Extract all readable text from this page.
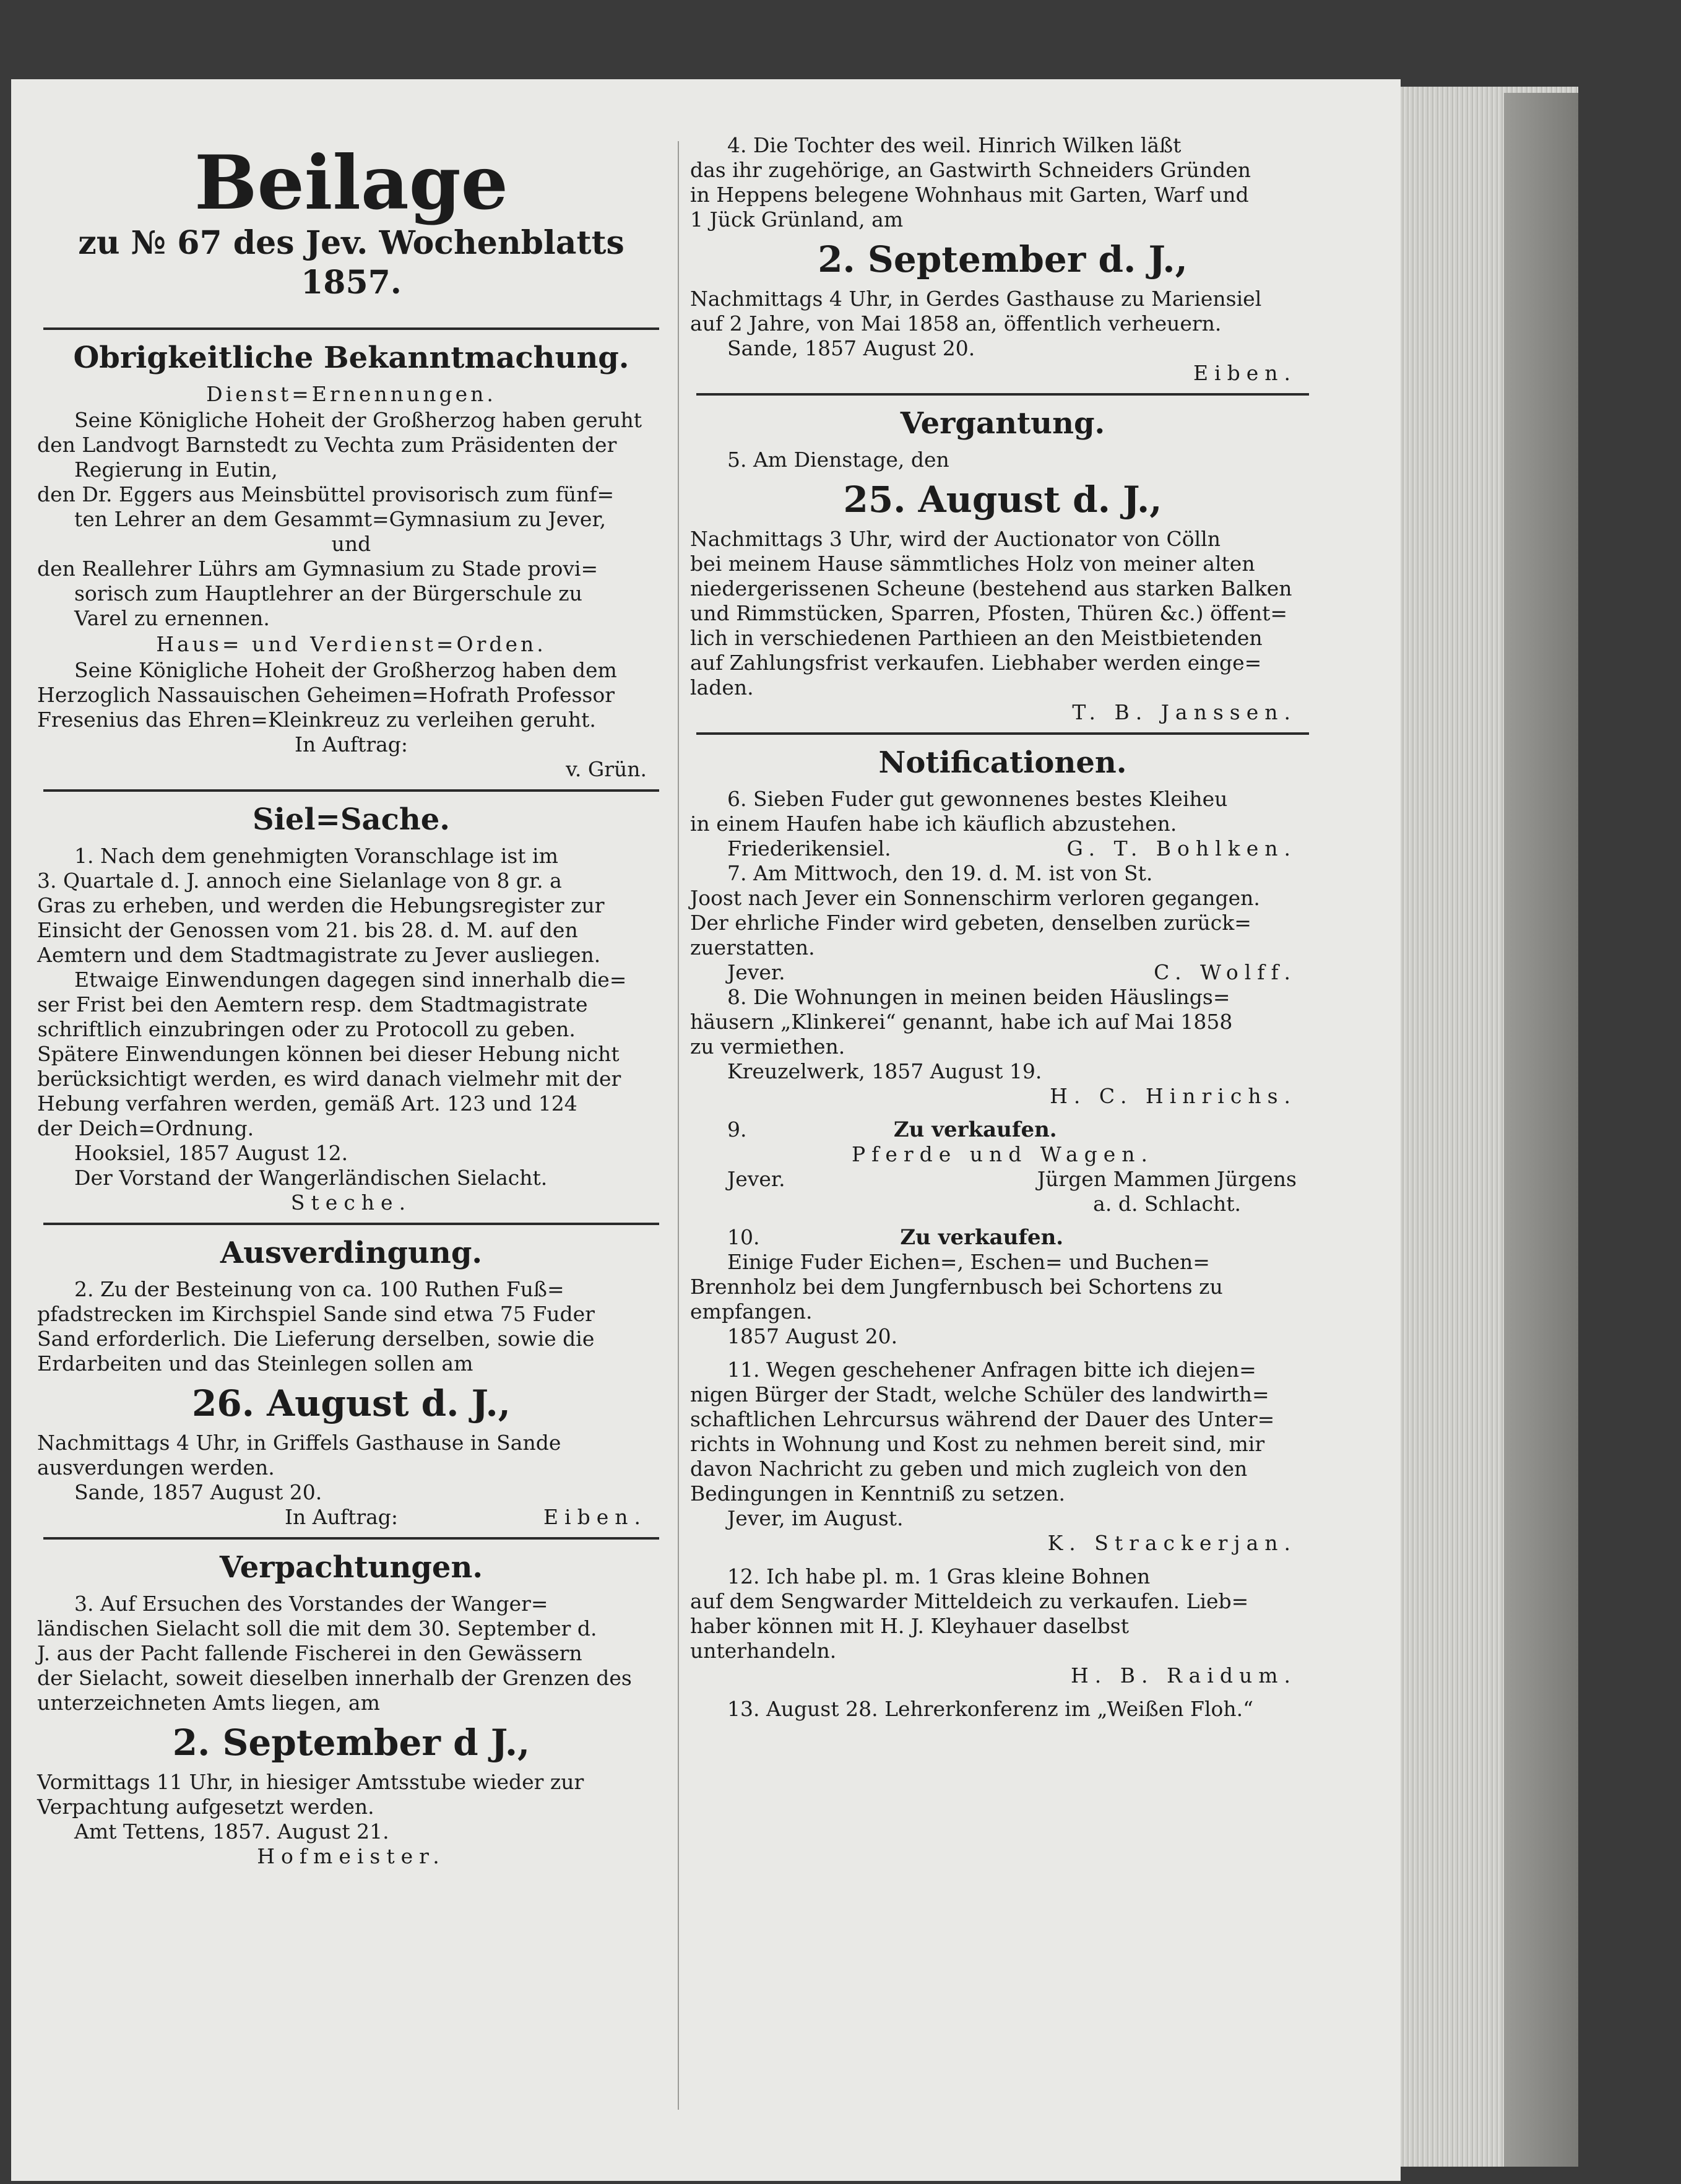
Beilage
zu № 67 des Jev. Wochenblatts 1857.
Obrigkeitliche Bekanntmachung.
Dienst=Ernennungen.

Seine Königliche Hoheit der Großherzog haben geruht

den Landvogt Barnstedt zu Vechta zum Präsidenten der

Regierung in Eutin,

den Dr. Eggers aus Meinsbüttel provisorisch zum fünf=

ten Lehrer an dem Gesammt=Gymnasium zu Jever,

und

den Reallehrer Lührs am Gymnasium zu Stade provi=

sorisch zum Hauptlehrer an der Bürgerschule zu

Varel zu ernennen.

Haus= und Verdienst=Orden.

Seine Königliche Hoheit der Großherzog haben dem

Herzoglich Nassauischen Geheimen=Hofrath Professor

Fresenius das Ehren=Kleinkreuz zu verleihen geruht.

In Auftrag:

v. Grün.

Siel=Sache.

1. Nach dem genehmigten Voranschlage ist im

3. Quartale d. J. annoch eine Sielanlage von 8 gr. a

Gras zu erheben, und werden die Hebungsregister zur

Einsicht der Genossen vom 21. bis 28. d. M. auf den

Aemtern und dem Stadtmagistrate zu Jever ausliegen.

Etwaige Einwendungen dagegen sind innerhalb die=

ser Frist bei den Aemtern resp. dem Stadtmagistrate

schriftlich einzubringen oder zu Protocoll zu geben.

Spätere Einwendungen können bei dieser Hebung nicht

berücksichtigt werden, es wird danach vielmehr mit der

Hebung verfahren werden, gemäß Art. 123 und 124

der Deich=Ordnung.

Hooksiel, 1857 August 12.

Der Vorstand der Wangerländischen Sielacht.

Steche.

Ausverdingung.

2. Zu der Besteinung von ca. 100 Ruthen Fuß=

pfadstrecken im Kirchspiel Sande sind etwa 75 Fuder

Sand erforderlich. Die Lieferung derselben, sowie die

Erdarbeiten und das Steinlegen sollen am

26. August d. J.,

Nachmittags 4 Uhr, in Griffels Gasthause in Sande

ausverdungen werden.

Sande, 1857 August 20.

In Auftrag:	Eiben.
Verpachtungen.

3. Auf Ersuchen des Vorstandes der Wanger=

ländischen Sielacht soll die mit dem 30. September d.

J. aus der Pacht fallende Fischerei in den Gewässern

der Sielacht, soweit dieselben innerhalb der Grenzen des

unterzeichneten Amts liegen, am

2. September d J.,

Vormittags 11 Uhr, in hiesiger Amtsstube wieder zur

Verpachtung aufgesetzt werden.

Amt Tettens, 1857. August 21.

Hofmeister.

4. Die Tochter des weil. Hinrich Wilken läßt

das ihr zugehörige, an Gastwirth Schneiders Gründen

in Heppens belegene Wohnhaus mit Garten, Warf und

1 Jück Grünland, am

2. September d. J.,

Nachmittags 4 Uhr, in Gerdes Gasthause zu Mariensiel

auf 2 Jahre, von Mai 1858 an, öffentlich verheuern.

Sande, 1857 August 20.

Eiben.

Vergantung.

5. Am Dienstage, den

25. August d. J.,

Nachmittags 3 Uhr, wird der Auctionator von Cölln

bei meinem Hause sämmtliches Holz von meiner alten

niedergerissenen Scheune (bestehend aus starken Balken

und Rimmstücken, Sparren, Pfosten, Thüren &c.) öffent=

lich in verschiedenen Parthieen an den Meistbietenden

auf Zahlungsfrist verkaufen. Liebhaber werden einge=

laden.

T. B. Janssen.

Notificationen.

6. Sieben Fuder gut gewonnenes bestes Kleiheu

in einem Haufen habe ich käuflich abzustehen.

Friederikensiel.	G. T. Bohlken.

7. Am Mittwoch, den 19. d. M. ist von St.

Joost nach Jever ein Sonnenschirm verloren gegangen.

Der ehrliche Finder wird gebeten, denselben zurück=

zuerstatten.

Jever.	C. Wolff.

8. Die Wohnungen in meinen beiden Häuslings=

häusern „Klinkerei“ genannt, habe ich auf Mai 1858

zu vermiethen.

Kreuzelwerk, 1857 August 19.

H. C. Hinrichs.

9.	Zu verkaufen.

Pferde und Wagen.

Jever.	Jürgen Mammen Jürgens

a. d. Schlacht.

10.	Zu verkaufen.

Einige Fuder Eichen=, Eschen= und Buchen=

Brennholz bei dem Jungfernbusch bei Schortens zu

empfangen.

1857 August 20.

11. Wegen geschehener Anfragen bitte ich diejen=

nigen Bürger der Stadt, welche Schüler des landwirth=

schaftlichen Lehrcursus während der Dauer des Unter=

richts in Wohnung und Kost zu nehmen bereit sind, mir

davon Nachricht zu geben und mich zugleich von den

Bedingungen in Kenntniß zu setzen.

Jever, im August.

K. Strackerjan.

12. Ich habe pl. m. 1 Gras kleine Bohnen

auf dem Sengwarder Mitteldeich zu verkaufen. Lieb=

haber können mit H. J. Kleyhauer daselbst

unterhandeln.

H. B. Raidum.

13. August 28. Lehrerkonferenz im „Weißen Floh.“
